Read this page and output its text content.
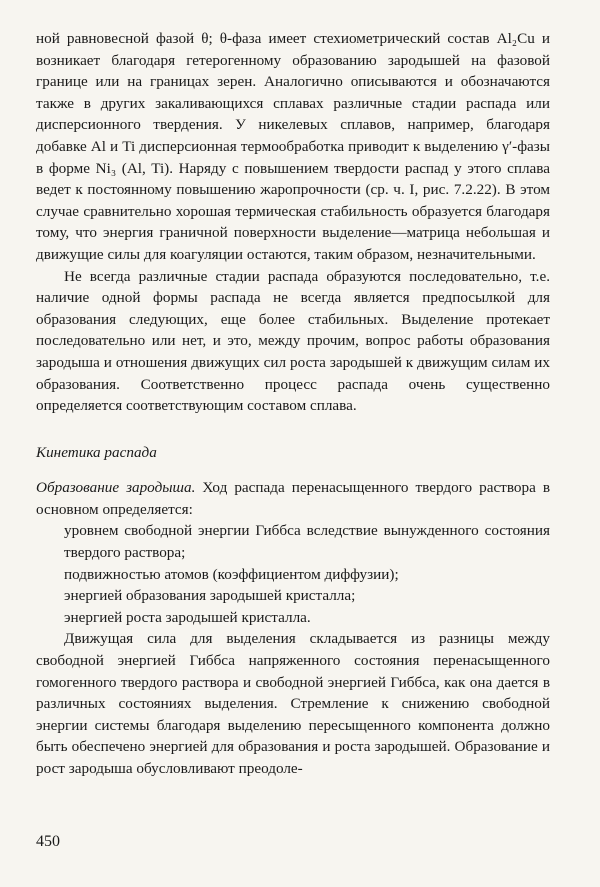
ной равновесной фазой θ; θ-фаза имеет стехиометрический состав Al₂Cu и возникает благодаря гетерогенному образованию зародышей на фазовой границе или на границах зерен. Аналогично описываются и обозначаются также в других закаливающихся сплавах различные стадии распада или дисперсионного твердения. У никелевых сплавов, например, благодаря добавке Al и Ti дисперсионная термообработка приводит к выделению γ′-фазы в форме Ni₃ (Al, Ti). Наряду с повышением твердости распад у этого сплава ведет к постоянному повышению жаропрочности (ср. ч. I, рис. 7.2.22). В этом случае сравнительно хорошая термическая стабильность образуется благодаря тому, что энергия граничной поверхности выделение—матрица небольшая и движущие силы для коагуляции остаются, таким образом, незначительными.

Не всегда различные стадии распада образуются последовательно, т.е. наличие одной формы распада не всегда является предпосылкой для образования следующих, еще более стабильных. Выделение протекает последовательно или нет, и это, между прочим, вопрос работы образования зародыша и отношения движущих сил роста зародышей к движущим силам их образования. Соответственно процесс распада очень существенно определяется соответствующим составом сплава.

Кинетика распада

Образование зародыша. Ход распада перенасыщенного твердого раствора в основном определяется:

уровнем свободной энергии Гиббса вследствие вынужденного состояния твердого раствора;

подвижностью атомов (коэффициентом диффузии);

энергией образования зародышей кристалла;

энергией роста зародышей кристалла.

Движущая сила для выделения складывается из разницы между свободной энергией Гиббса напряженного состояния перенасыщенного гомогенного твердого раствора и свободной энергией Гиббса, как она дается в различных состояниях выделения. Стремление к снижению свободной энергии системы благодаря выделению пересыщенного компонента должно быть обеспечено энергией для образования и роста зародышей. Образование и рост зародыша обусловливают преодоле-

450
